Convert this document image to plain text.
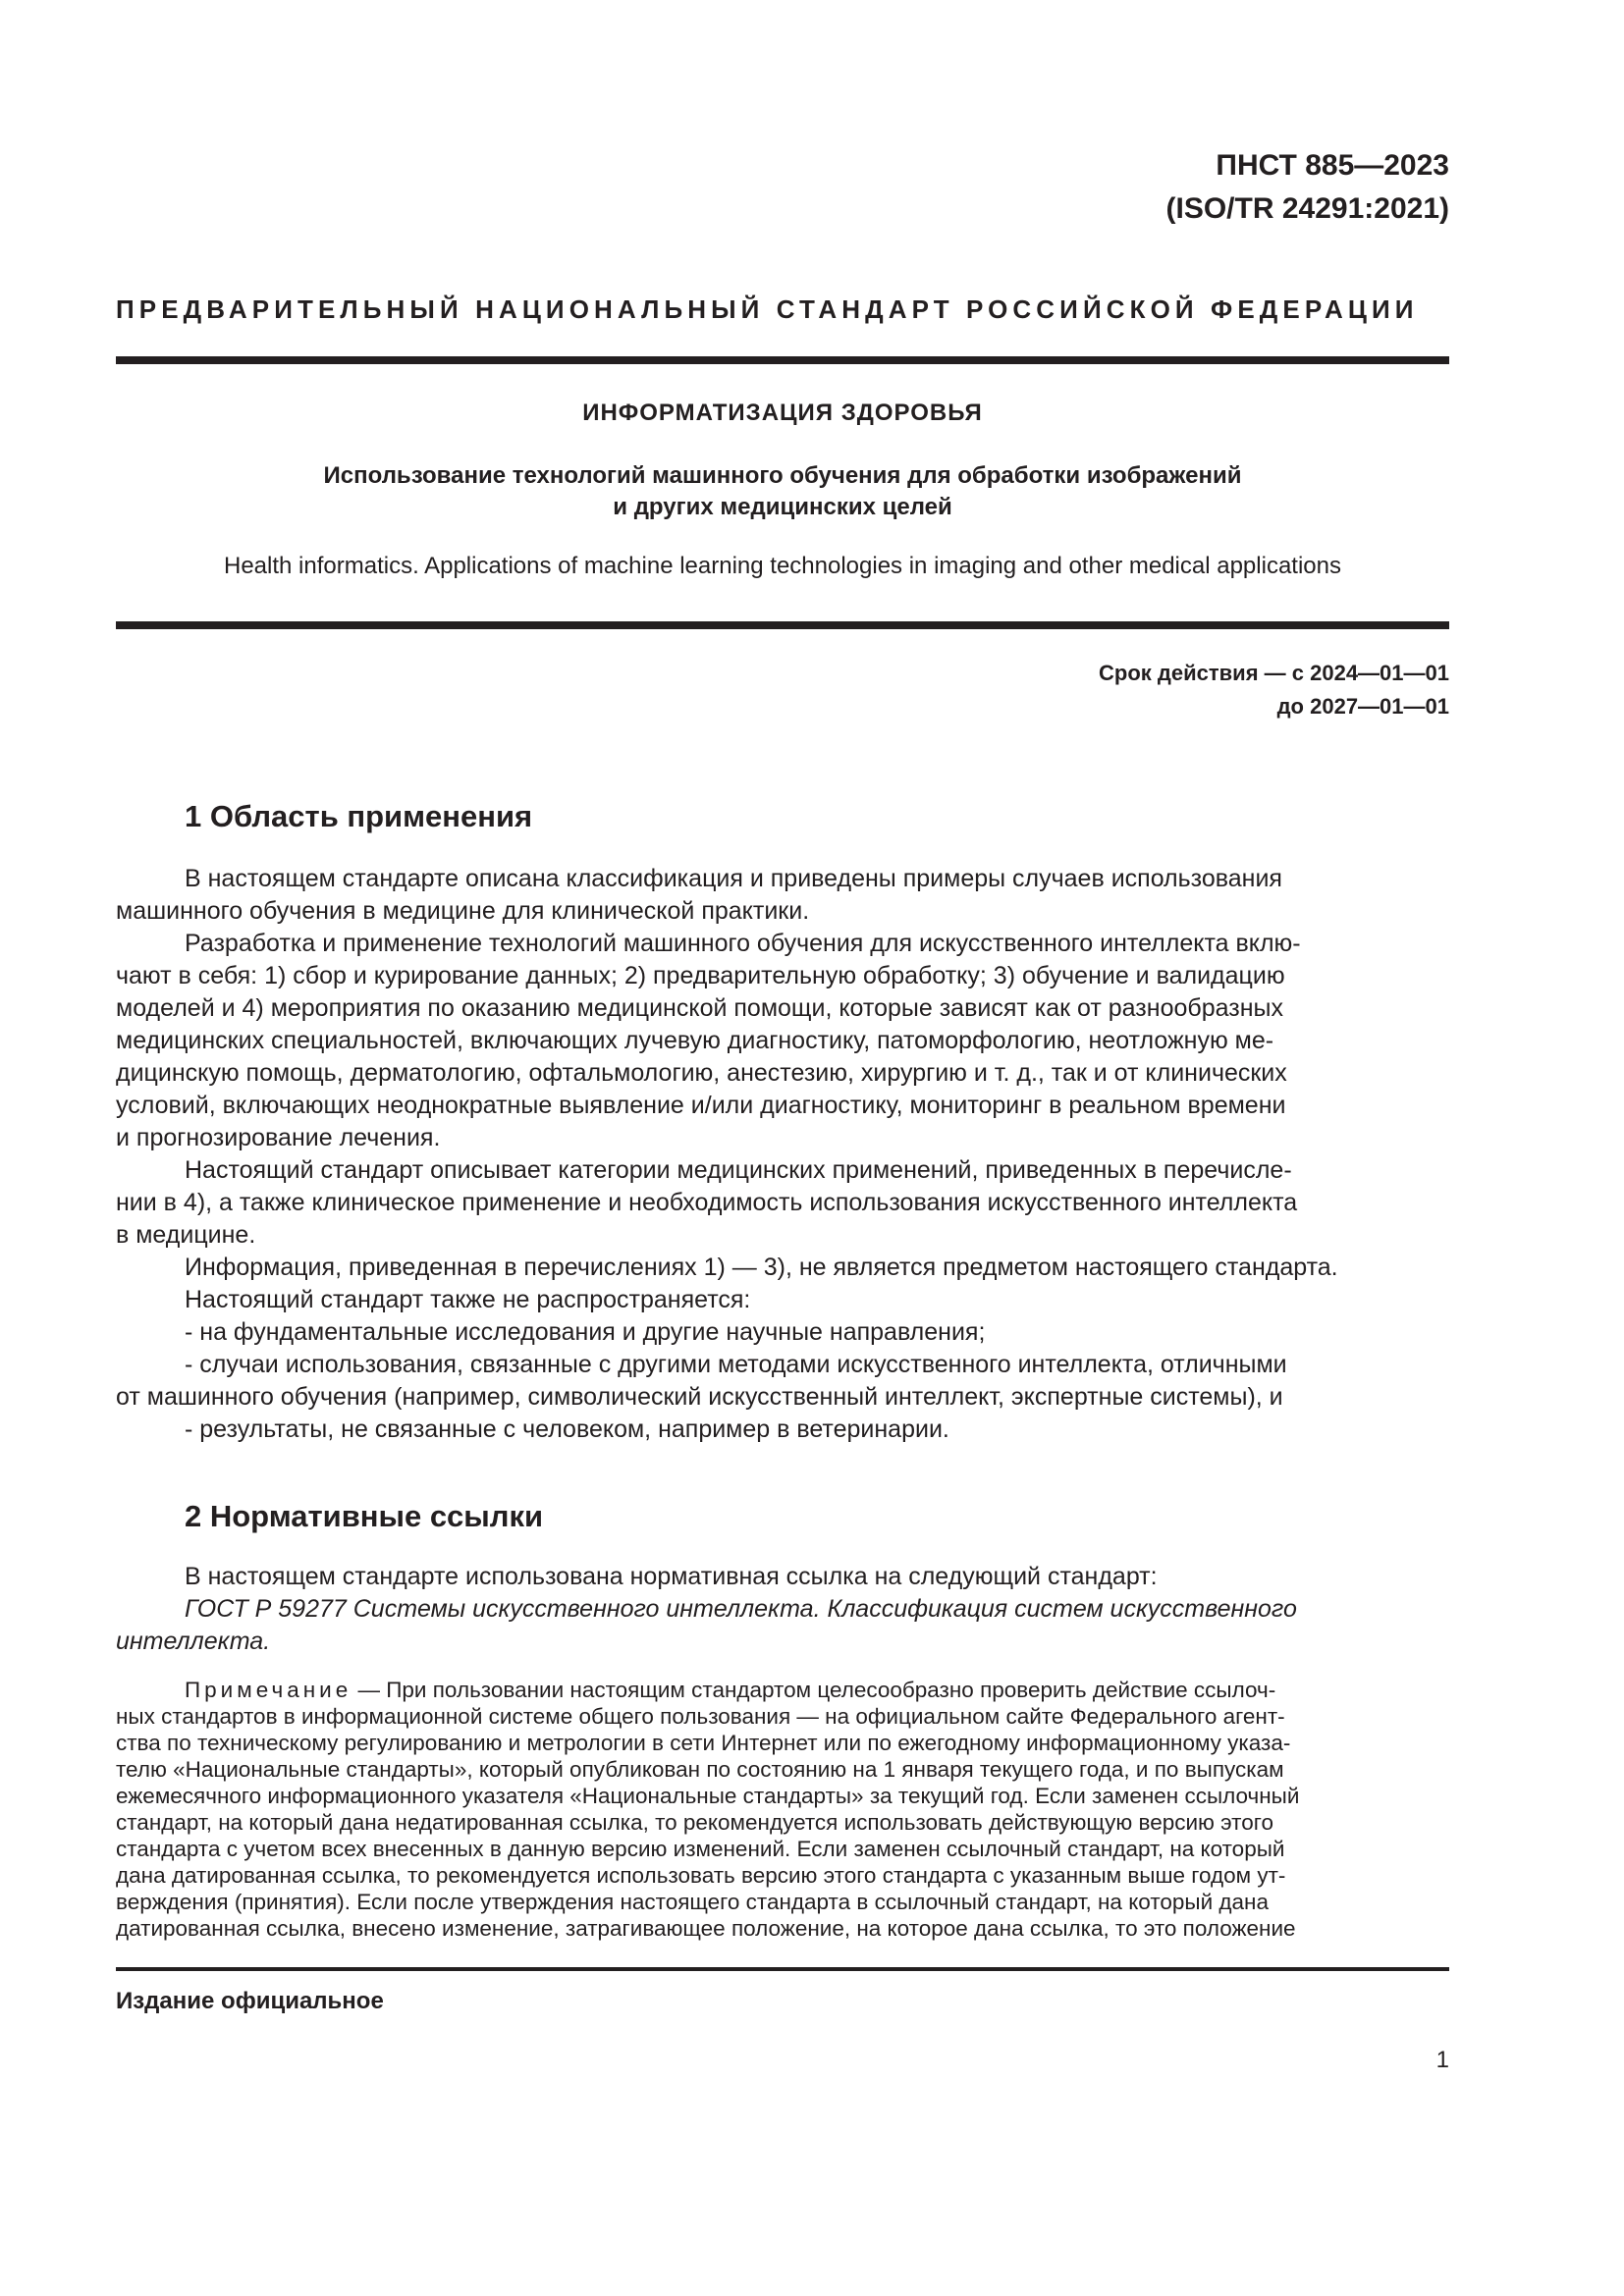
ПНСТ 885—2023
(ISO/TR 24291:2021)
ПРЕДВАРИТЕЛЬНЫЙ НАЦИОНАЛЬНЫЙ СТАНДАРТ РОССИЙСКОЙ ФЕДЕРАЦИИ
ИНФОРМАТИЗАЦИЯ ЗДОРОВЬЯ
Использование технологий машинного обучения для обработки изображений
и других медицинских целей
Health informatics. Applications of machine learning technologies in imaging and other medical applications
Срок действия — с 2024—01—01
до 2027—01—01
1 Область применения
В настоящем стандарте описана классификация и приведены примеры случаев использования
машинного обучения в медицине для клинической практики.
Разработка и применение технологий машинного обучения для искусственного интеллекта вклю-
чают в себя: 1) сбор и курирование данных; 2) предварительную обработку; 3) обучение и валидацию
моделей и 4) мероприятия по оказанию медицинской помощи, которые зависят как от разнообразных
медицинских специальностей, включающих лучевую диагностику, патоморфологию, неотложную ме-
дицинскую помощь, дерматологию, офтальмологию, анестезию, хирургию и т. д., так и от клинических
условий, включающих неоднократные выявление и/или диагностику, мониторинг в реальном времени
и прогнозирование лечения.
Настоящий стандарт описывает категории медицинских применений, приведенных в перечисле-
нии в 4), а также клиническое применение и необходимость использования искусственного интеллекта
в медицине.
Информация, приведенная в перечислениях 1) — 3), не является предметом настоящего стандарта.
Настоящий стандарт также не распространяется:
- на фундаментальные исследования и другие научные направления;
- случаи использования, связанные с другими методами искусственного интеллекта, отличными
от машинного обучения (например, символический искусственный интеллект, экспертные системы), и
- результаты, не связанные с человеком, например в ветеринарии.
2 Нормативные ссылки
В настоящем стандарте использована нормативная ссылка на следующий стандарт:
ГОСТ Р 59277 Системы искусственного интеллекта. Классификация систем искусственного
интеллекта.
Примечание — При пользовании настоящим стандартом целесообразно проверить действие ссылоч-
ных стандартов в информационной системе общего пользования — на официальном сайте Федерального агент-
ства по техническому регулированию и метрологии в сети Интернет или по ежегодному информационному указа-
телю «Национальные стандарты», который опубликован по состоянию на 1 января текущего года, и по выпускам
ежемесячного информационного указателя «Национальные стандарты» за текущий год. Если заменен ссылочный
стандарт, на который дана недатированная ссылка, то рекомендуется использовать действующую версию этого
стандарта с учетом всех внесенных в данную версию изменений. Если заменен ссылочный стандарт, на который
дана датированная ссылка, то рекомендуется использовать версию этого стандарта с указанным выше годом ут-
верждения (принятия). Если после утверждения настоящего стандарта в ссылочный стандарт, на который дана
датированная ссылка, внесено изменение, затрагивающее положение, на которое дана ссылка, то это положение
Издание официальное
1
